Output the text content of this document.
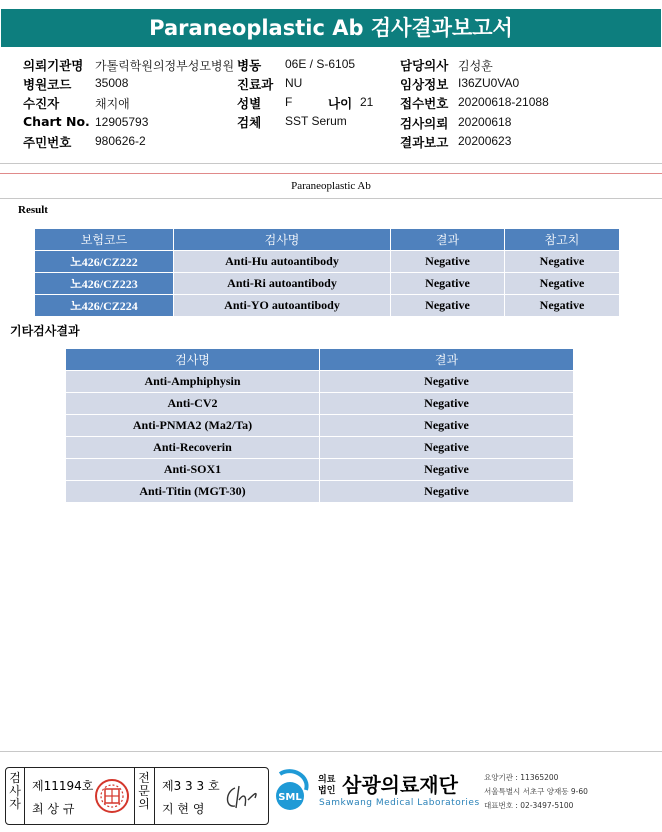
Paraneoplastic Ab 검사결과보고서
의뢰기관명 가톨릭학원의정부성모병원 병동 06E / S-6105	담당의사 김성훈
병원코드 35008	진료과 NU	임상정보 I36ZU0VA0
수진자	채지애	성별 F	나이 21 접수번호 20200618-21088
Chart No. 12905793	검체 SST Serum	검사의뢰 20200618
주민번호 980626-2	결과보고 20200623
Paraneoplastic Ab
Result
보험코드	검사명	결과	참고치
노426/CZ222	Anti-Hu autoantibody	Negative	Negative
노426/CZ223	Anti-Ri autoantibody	Negative	Negative
노426/CZ224	Anti-YO autoantibody	Negative	Negative
기타검사결과
검사명	결과
Anti-Amphiphysin	Negative
Anti-CV2	Negative
Anti-PNMA2 (Ma2/Ta)	Negative
Anti-Recoverin	Negative
Anti-SOX1	Negative
Anti-Titin (MGT-30)	Negative
검사자
제11194호
최 상 규
전문의
제3 3 3 호
지 현 영
SML
의료
법인 삼광의료재단
Samkwang Medical Laboratories
요양기관 : 11365200
서울특별시 서초구 양재동 9-60
대표번호 : 02-3497-5100
